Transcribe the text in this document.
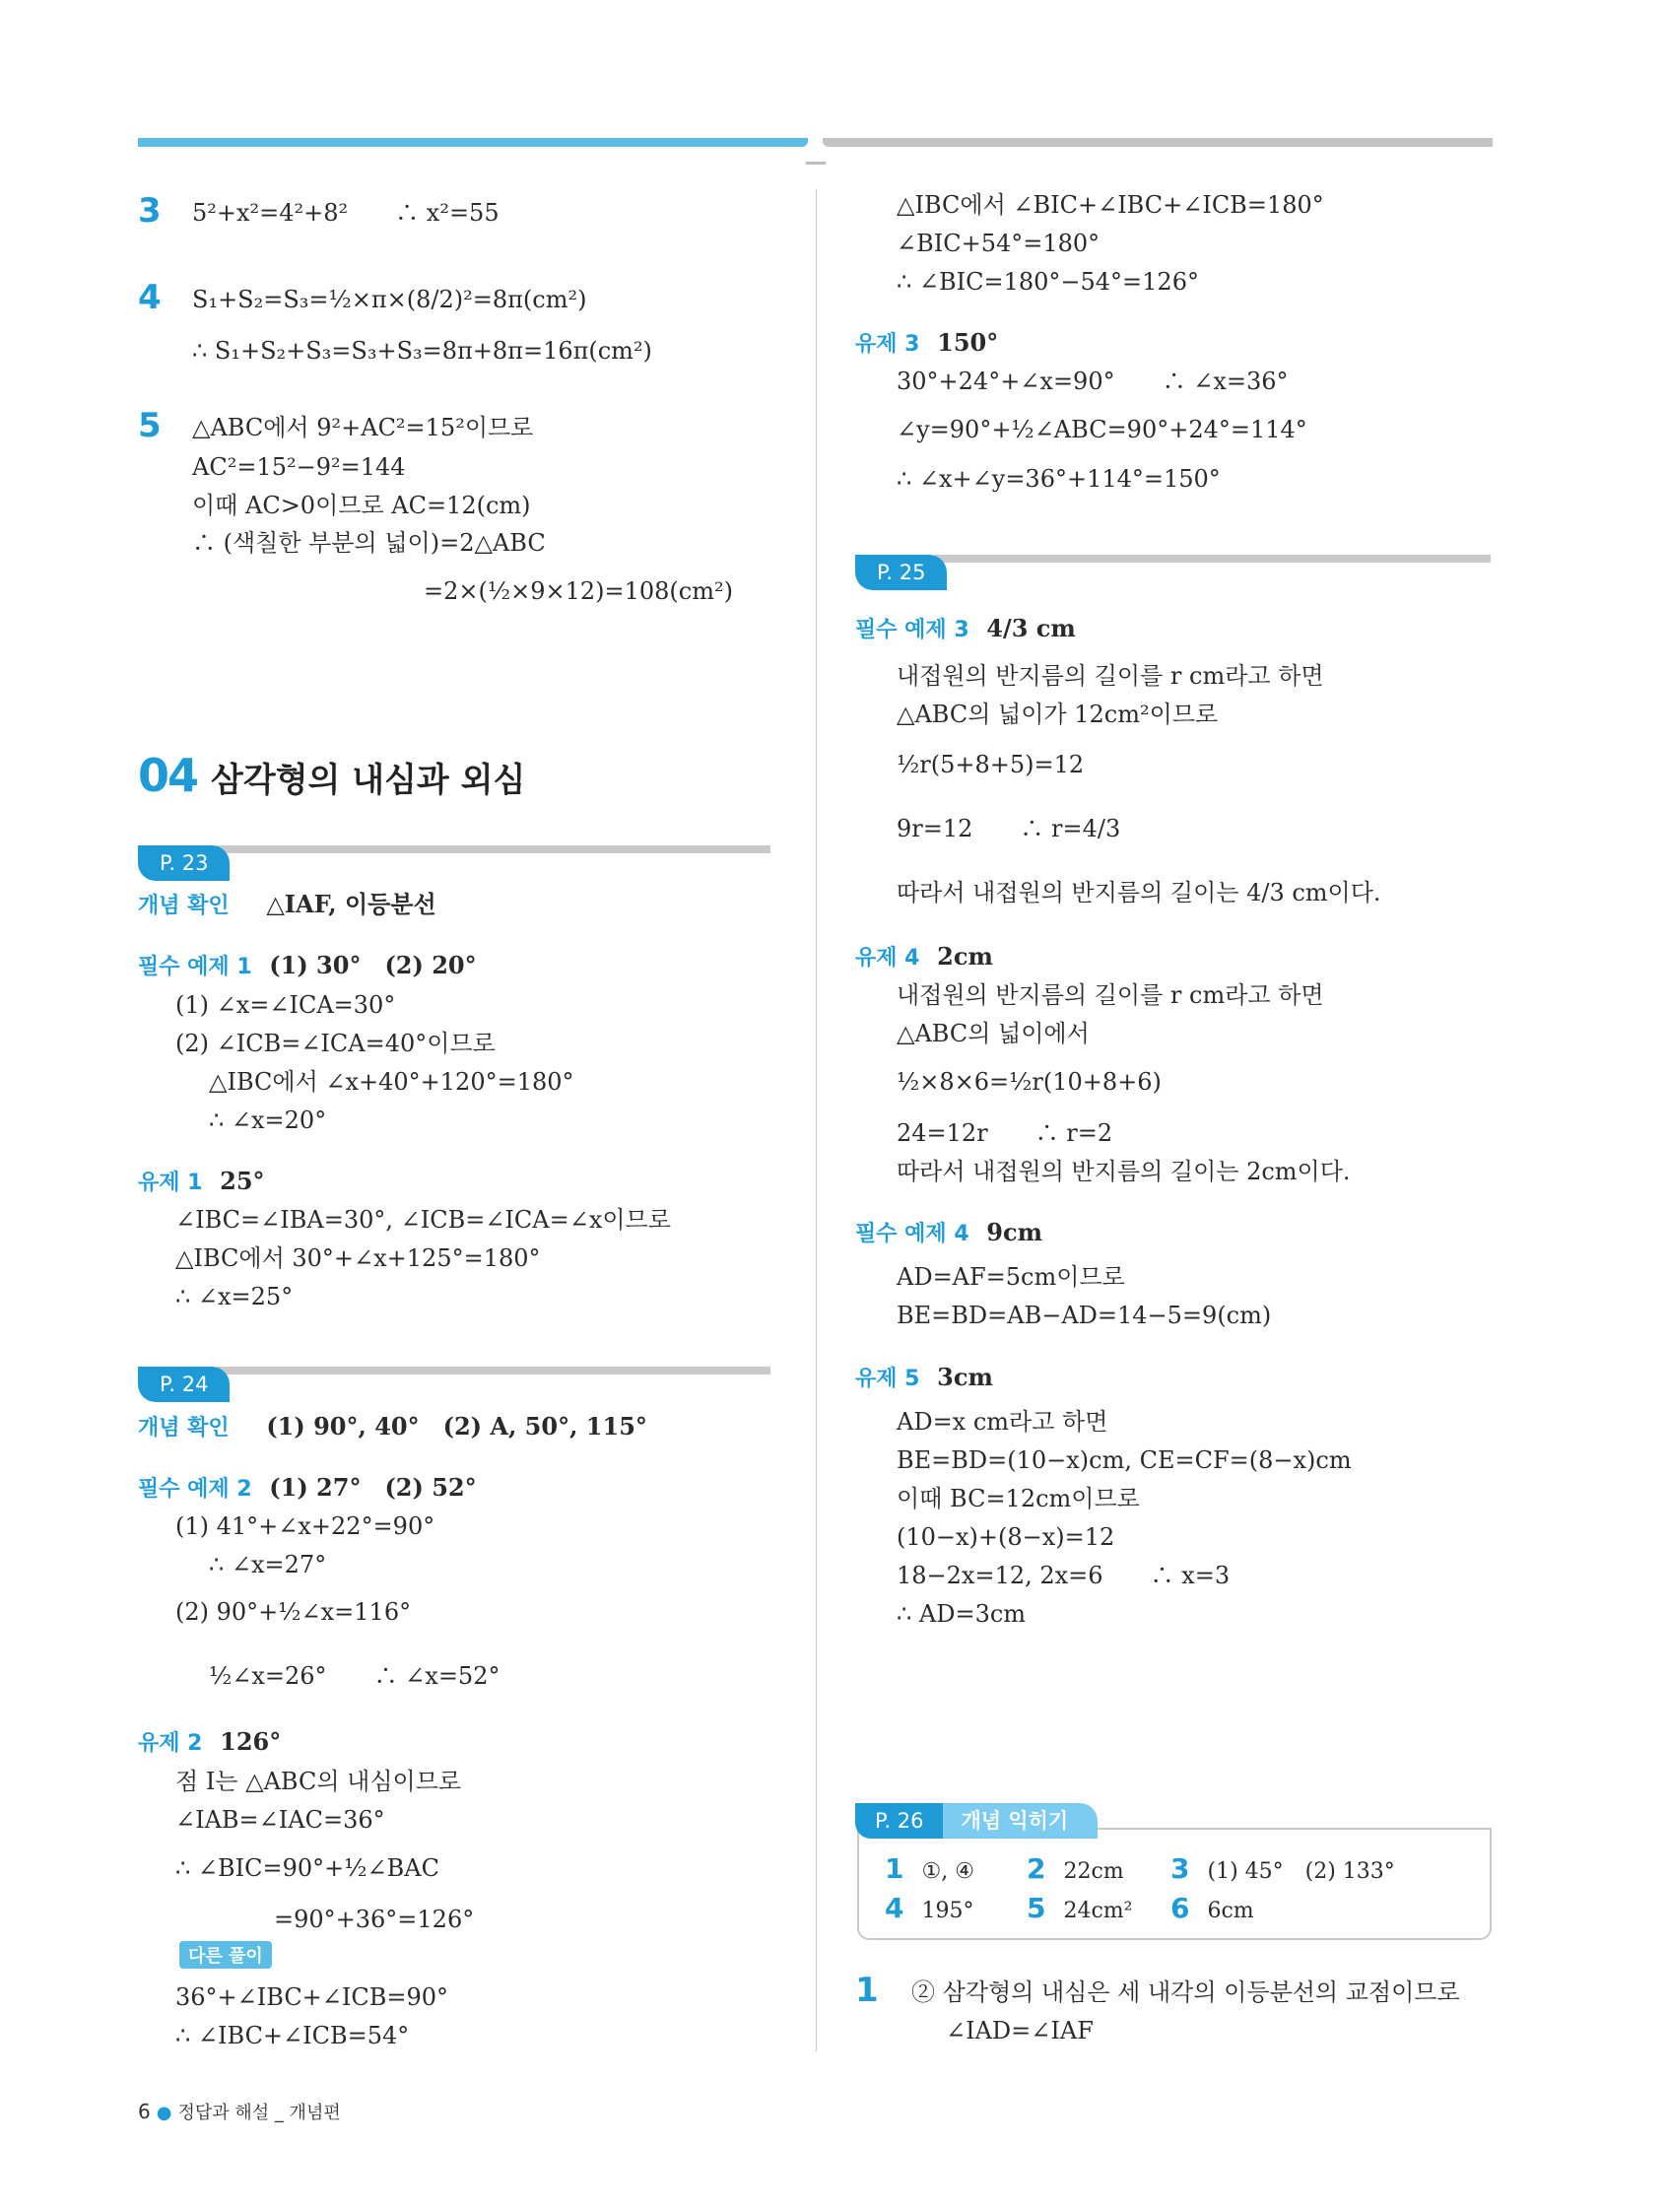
3 5²+x²=4²+8²　　∴ x²=55
4 S₁+S₂=S₃=½×π×(8/2)²=8π(cm²)
∴ S₁+S₂+S₃=S₃+S₃=8π+8π=16π(cm²)
5 △ABC에서 9²+AC²=15²이므로
AC²=15²−9²=144
이때 AC>0이므로 AC=12(cm)
∴ (색칠한 부분의 넓이)=2△ABC
=2×(½×9×12)=108(cm²)
04 삼각형의 내심과 외심
P. 23
개념 확인 △IAF, 이등분선
필수 예제 1 (1) 30°　(2) 20°
(1) ∠x=∠ICA=30°
(2) ∠ICB=∠ICA=40°이므로
△IBC에서 ∠x+40°+120°=180°
∴ ∠x=20°
유제 1 25°
∠IBC=∠IBA=30°, ∠ICB=∠ICA=∠x이므로
△IBC에서 30°+∠x+125°=180°
∴ ∠x=25°
P. 24
개념 확인 (1) 90°, 40°　(2) A, 50°, 115°
필수 예제 2 (1) 27°　(2) 52°
(1) 41°+∠x+22°=90°
∴ ∠x=27°
(2) 90°+½∠x=116°
½∠x=26°　　∴ ∠x=52°
유제 2 126°
점 I는 △ABC의 내심이므로
∠IAB=∠IAC=36°
∴ ∠BIC=90°+½∠BAC
=90°+36°=126°
다른 풀이
36°+∠IBC+∠ICB=90°
∴ ∠IBC+∠ICB=54°
△IBC에서 ∠BIC+∠IBC+∠ICB=180°
∠BIC+54°=180°
∴ ∠BIC=180°−54°=126°
유제 3 150°
30°+24°+∠x=90°　　∴ ∠x=36°
∠y=90°+½∠ABC=90°+24°=114°
∴ ∠x+∠y=36°+114°=150°
P. 25
필수 예제 3 4/3 cm
내접원의 반지름의 길이를 r cm라고 하면
△ABC의 넓이가 12cm²이므로
½r(5+8+5)=12
9r=12　　∴ r=4/3
따라서 내접원의 반지름의 길이는 4/3 cm이다.
유제 4 2cm
내접원의 반지름의 길이를 r cm라고 하면
△ABC의 넓이에서
½×8×6=½r(10+8+6)
24=12r　　∴ r=2
따라서 내접원의 반지름의 길이는 2cm이다.
필수 예제 4 9cm
AD=AF=5cm이므로
BE=BD=AB−AD=14−5=9(cm)
유제 5 3cm
AD=x cm라고 하면
BE=BD=(10−x)cm, CE=CF=(8−x)cm
이때 BC=12cm이므로
(10−x)+(8−x)=12
18−2x=12, 2x=6　　∴ x=3
∴ AD=3cm
P. 26 개념 익히기
1 ①, ④ 2 22cm 3 (1) 45°　(2) 133°
4 195° 5 24cm² 6 6cm
1 ② 삼각형의 내심은 세 내각의 이등분선의 교점이므로
∠IAD=∠IAF
6 ● 정답과 해설 _ 개념편
